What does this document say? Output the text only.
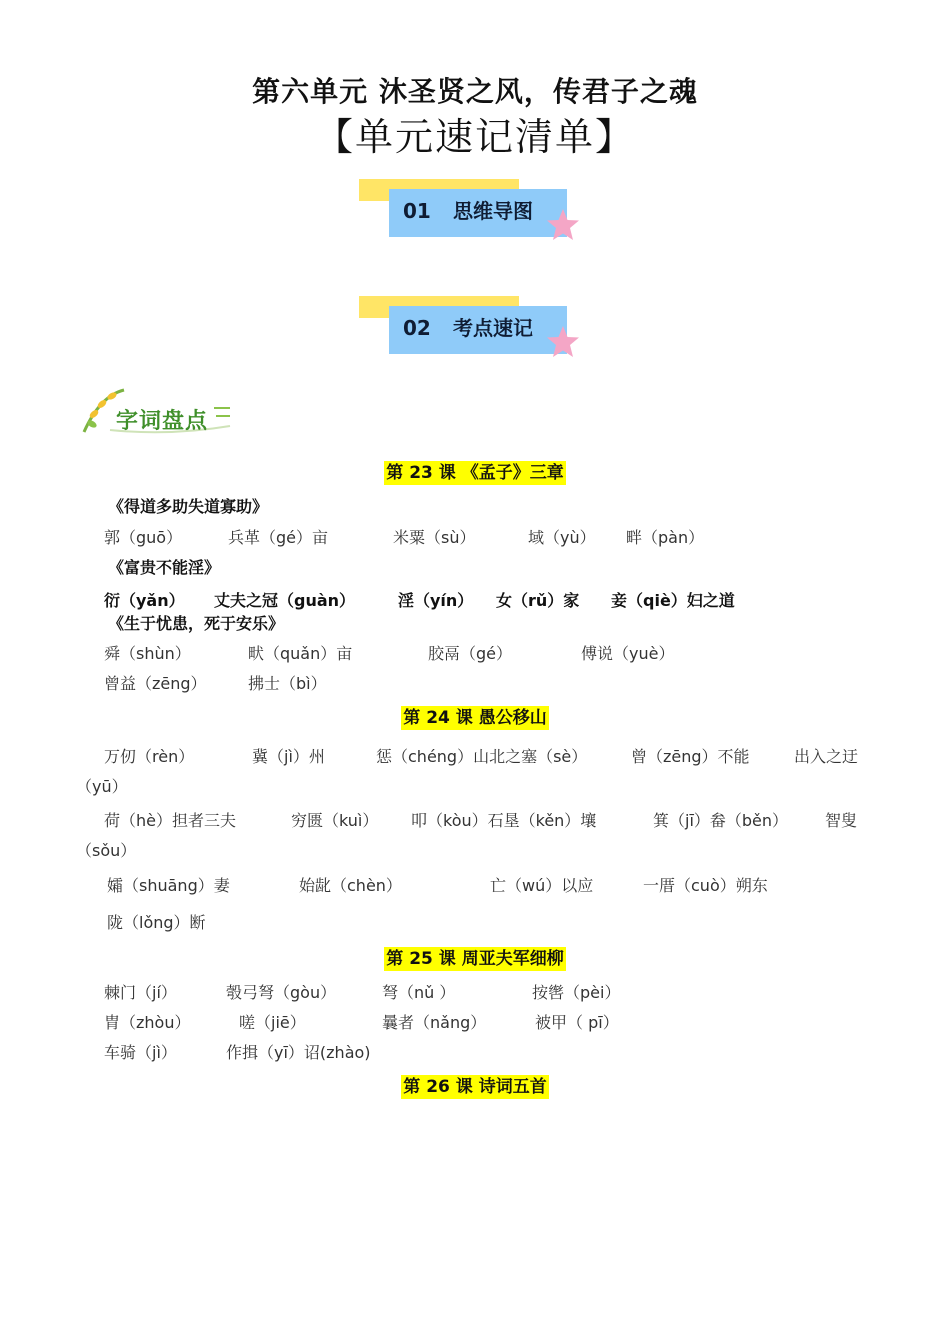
第六单元 沐圣贤之风，传君子之魂
【单元速记清单】
01 思维导图
02 考点速记
字词盘点
第 23 课 《孟子》三章
《得道多助失道寡助》
郭（guō）	兵革（gé）亩	米粟（sù）	域（yù） 畔（pàn）
《富贵不能淫》
衍（yǎn） 丈夫之冠（guàn）	淫（yín） 女（rǔ）家 妾（qiè）妇之道
《生于忧患，死于安乐》
舜（shùn）	畎（quǎn）亩	胶鬲（gé）	傅说（yuè）
曾益（zēng）	拂士（bì）
第 24 课 愚公移山
万仞（rèn）	冀（jì）州	惩（chéng）山北之塞（sè）	曾（zēng）不能	出入之迂
（yū）
荷（hè）担者三夫	穷匮（kuì） 叩（kòu）石垦（kěn）壤	箕（jī）畚（běn） 智叟
（sǒu）
孀（shuāng）妻	始龀（chèn）	亡（wú）以应	一厝（cuò）朔东
陇（lǒng）断
第 25 课 周亚夫军细柳
棘门（jí）	彀弓弩（gòu）	弩（nǔ ）	按辔（pèi）
胄（zhòu）	嗟（jiē）	曩者（nǎng）	被甲（ pī）
车骑（jì）	作揖（yī）诏(zhào)
第 26 课 诗词五首
